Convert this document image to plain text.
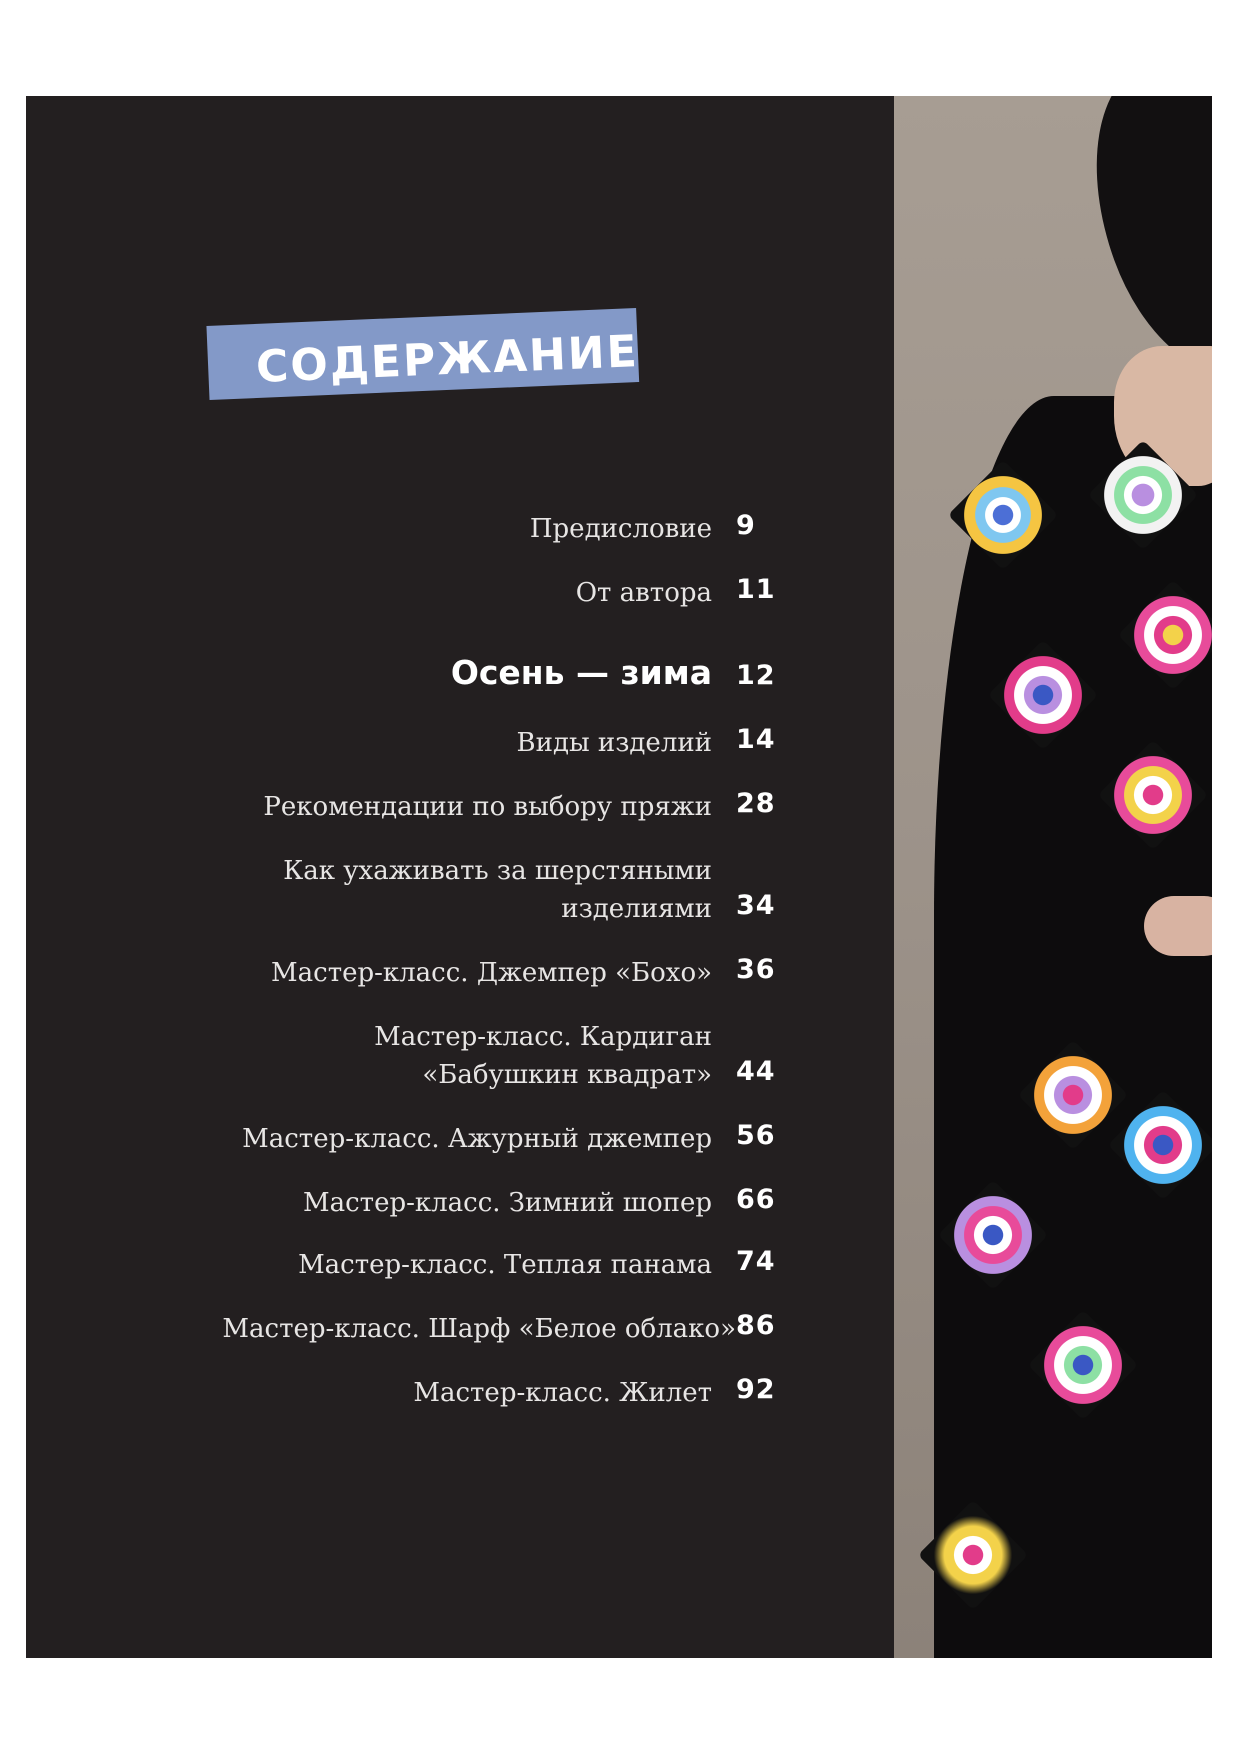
СОДЕРЖАНИЕ
Предисловие 9
От автора 11
Осень — зима 12
Виды изделий 14
Рекомендации по выбору пряжи 28
Как ухаживать за шерстяными
изделиями 34
Мастер-класс. Джемпер «Бохо» 36
Мастер-класс. Кардиган
«Бабушкин квадрат» 44
Мастер-класс. Ажурный джемпер 56
Мастер-класс. Зимний шопер 66
Мастер-класс. Теплая панама 74
Мастер-класс. Шарф «Белое облако» 86
Мастер-класс. Жилет 92
